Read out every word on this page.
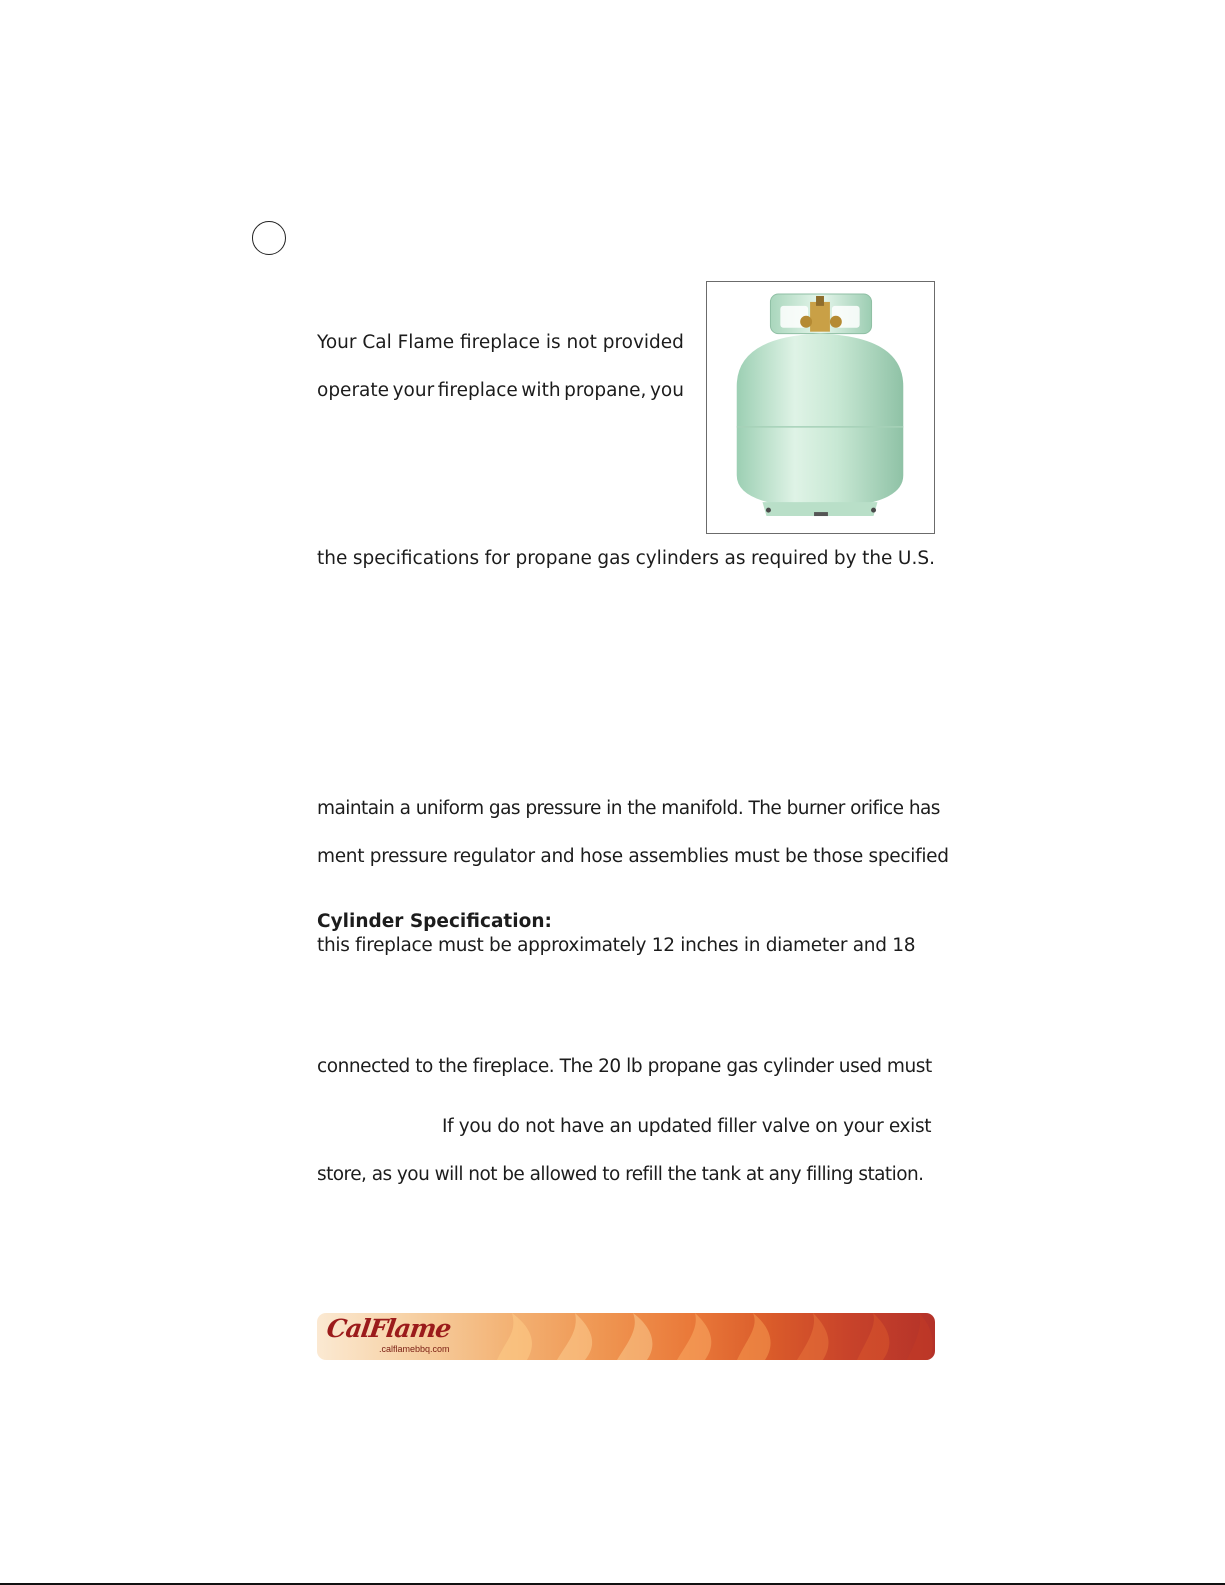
Your Cal Flame fireplace is not provided
operate your fireplace with propane, you
the specifications for propane gas cylinders as required by the U.S.
maintain a uniform gas pressure in the manifold. The burner orifice has
ment pressure regulator and hose assemblies must be those specified
Cylinder Specification:
this fireplace must be approximately 12 inches in diameter and 18
connected to the fireplace. The 20 lb propane gas cylinder used must
If you do not have an updated filler valve on your exist
store, as you will not be allowed to refill the tank at any filling station.
CalFlame
.calflamebbq.com
